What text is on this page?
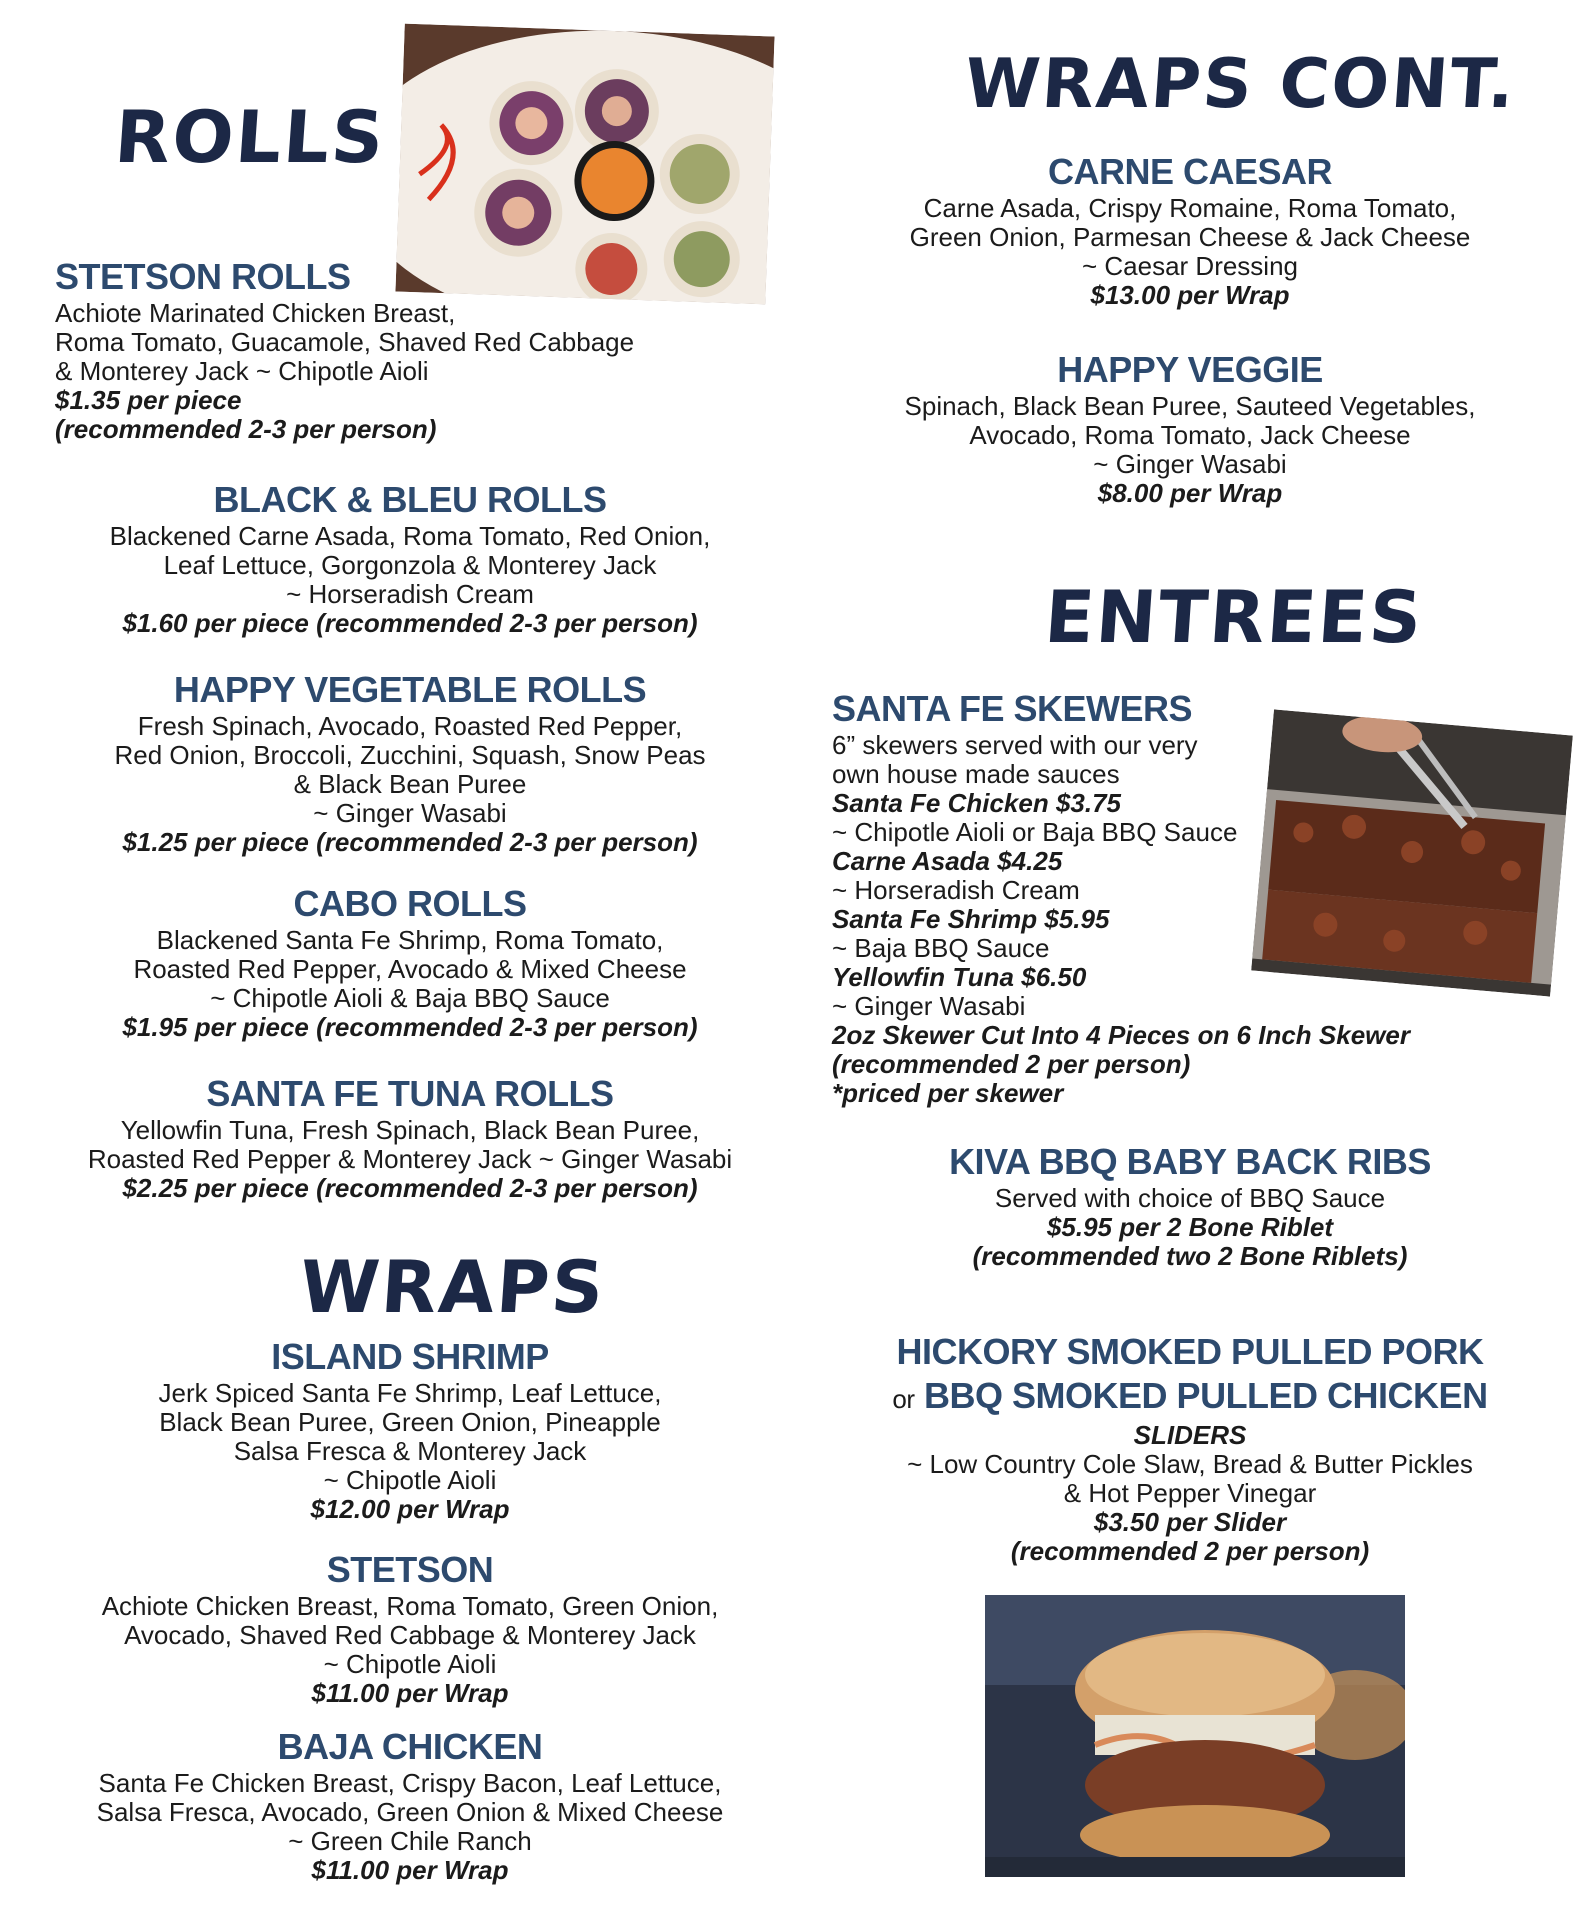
ROLLS
STETSON ROLLS
Achiote Marinated Chicken Breast,
Roma Tomato, Guacamole, Shaved Red Cabbage
& Monterey Jack ~ Chipotle Aioli
$1.35 per piece
(recommended 2-3 per person)
BLACK & BLEU ROLLS
Blackened Carne Asada, Roma Tomato, Red Onion,
Leaf Lettuce, Gorgonzola & Monterey Jack
~ Horseradish Cream
$1.60 per piece (recommended 2-3 per person)
HAPPY VEGETABLE ROLLS
Fresh Spinach, Avocado, Roasted Red Pepper,
Red Onion, Broccoli, Zucchini, Squash, Snow Peas
& Black Bean Puree
~ Ginger Wasabi
$1.25 per piece (recommended 2-3 per person)
CABO ROLLS
Blackened Santa Fe Shrimp, Roma Tomato,
Roasted Red Pepper, Avocado & Mixed Cheese
~ Chipotle Aioli & Baja BBQ Sauce
$1.95 per piece (recommended 2-3 per person)
SANTA FE TUNA ROLLS
Yellowfin Tuna, Fresh Spinach, Black Bean Puree,
Roasted Red Pepper & Monterey Jack ~ Ginger Wasabi
$2.25 per piece (recommended 2-3 per person)
WRAPS
ISLAND SHRIMP
Jerk Spiced Santa Fe Shrimp, Leaf Lettuce,
Black Bean Puree, Green Onion, Pineapple
Salsa Fresca & Monterey Jack
~ Chipotle Aioli
$12.00 per Wrap
STETSON
Achiote Chicken Breast, Roma Tomato, Green Onion,
Avocado, Shaved Red Cabbage & Monterey Jack
~ Chipotle Aioli
$11.00 per Wrap
BAJA CHICKEN
Santa Fe Chicken Breast, Crispy Bacon, Leaf Lettuce,
Salsa Fresca, Avocado, Green Onion & Mixed Cheese
~ Green Chile Ranch
$11.00 per Wrap
WRAPS CONT.
CARNE CAESAR
Carne Asada, Crispy Romaine, Roma Tomato,
Green Onion, Parmesan Cheese & Jack Cheese
~ Caesar Dressing
$13.00 per Wrap
HAPPY VEGGIE
Spinach, Black Bean Puree, Sauteed Vegetables,
Avocado, Roma Tomato, Jack Cheese
~ Ginger Wasabi
$8.00 per Wrap
ENTREES
SANTA FE SKEWERS
6” skewers served with our very
own house made sauces
Santa Fe Chicken $3.75
~ Chipotle Aioli or Baja BBQ Sauce
Carne Asada $4.25
~ Horseradish Cream
Santa Fe Shrimp $5.95
~ Baja BBQ Sauce
Yellowfin Tuna $6.50
~ Ginger Wasabi
2oz Skewer Cut Into 4 Pieces on 6 Inch Skewer
(recommended 2 per person)
*priced per skewer
KIVA BBQ BABY BACK RIBS
Served with choice of BBQ Sauce
$5.95 per 2 Bone Riblet
(recommended two 2 Bone Riblets)
HICKORY SMOKED PULLED PORK
or BBQ SMOKED PULLED CHICKEN
SLIDERS
~ Low Country Cole Slaw, Bread & Butter Pickles
& Hot Pepper Vinegar
$3.50 per Slider
(recommended 2 per person)
